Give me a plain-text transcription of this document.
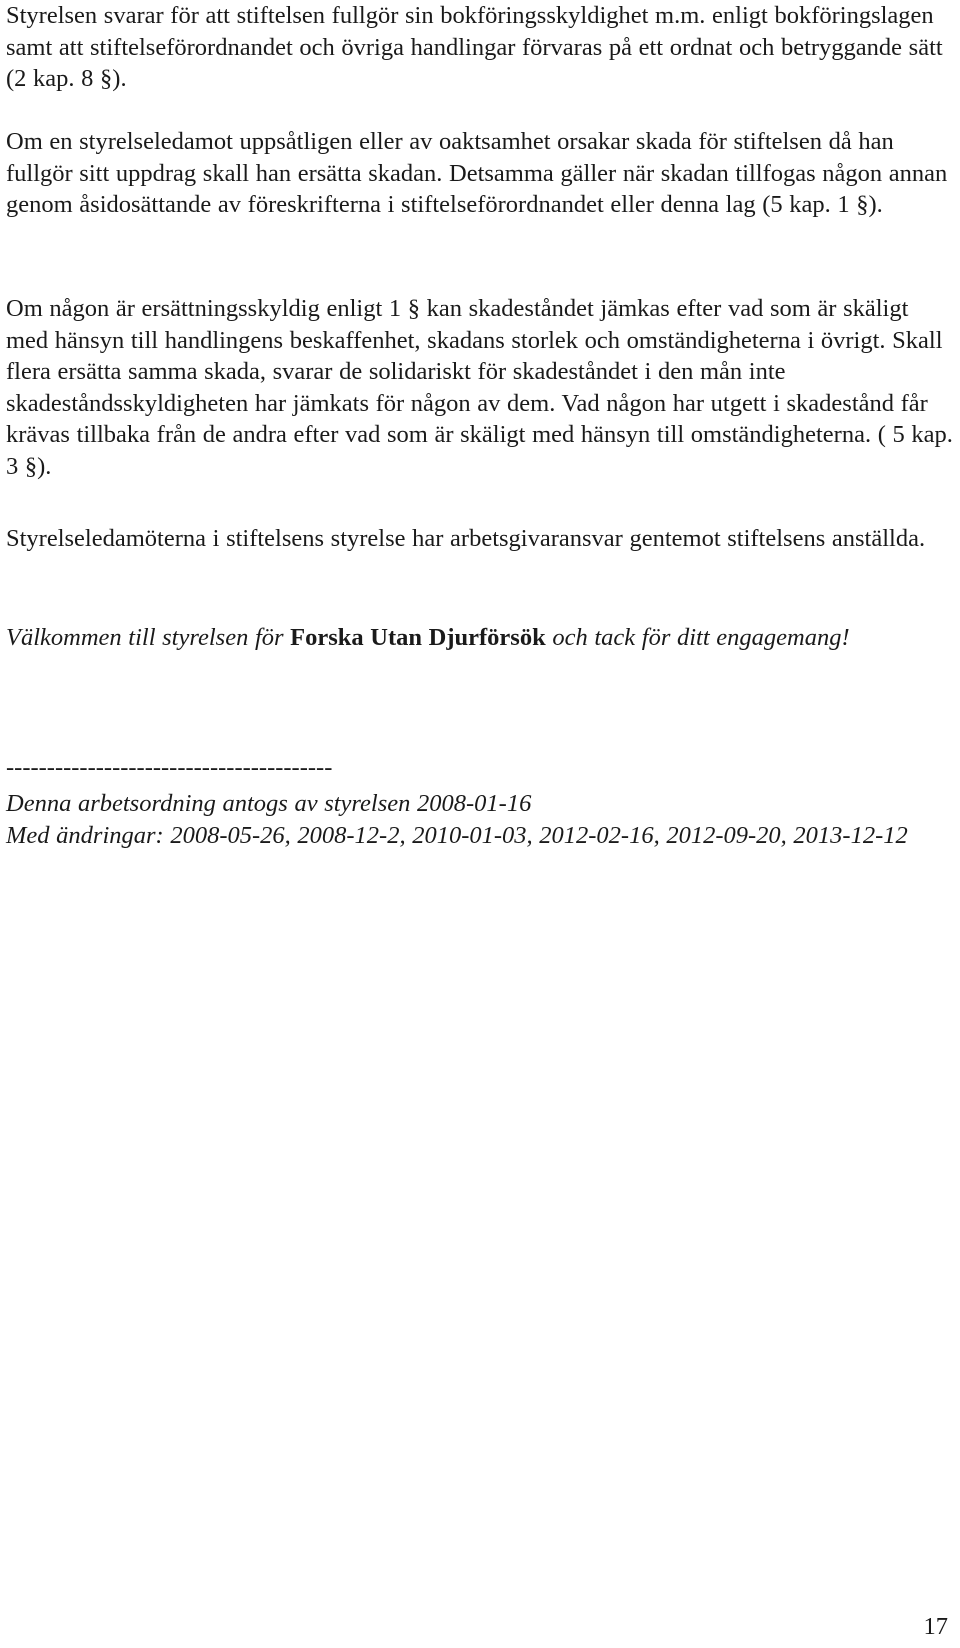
Styrelsen svarar för att stiftelsen fullgör sin bokföringsskyldighet m.m. enligt bokföringslagen samt att stiftelseförordnandet och övriga handlingar förvaras på ett ordnat och betryggande sätt (2 kap. 8 §).

Om en styrelseledamot uppsåtligen eller av oaktsamhet orsakar skada för stiftelsen då han fullgör sitt uppdrag skall han ersätta skadan. Detsamma gäller när skadan tillfogas någon annan genom åsidosättande av föreskrifterna i stiftelseförordnandet eller denna lag (5 kap. 1 §).

Om någon är ersättningsskyldig enligt 1 § kan skadeståndet jämkas efter vad som är skäligt med hänsyn till handlingens beskaffenhet, skadans storlek och omständigheterna i övrigt. Skall flera ersätta samma skada, svarar de solidariskt för skadeståndet i den mån inte skadeståndsskyldigheten har jämkats för någon av dem. Vad någon har utgett i skadestånd får krävas tillbaka från de andra efter vad som är skäligt med hänsyn till omständigheterna. ( 5 kap. 3 §).

Styrelseledamöterna i stiftelsens styrelse har arbetsgivaransvar gentemot stiftelsens anställda.

Välkommen till styrelsen för Forska Utan Djurförsök och tack för ditt engagemang!

----------------------------------------

Denna arbetsordning antogs av styrelsen 2008-01-16

Med ändringar: 2008-05-26, 2008-12-2, 2010-01-03, 2012-02-16, 2012-09-20, 2013-12-12

17
